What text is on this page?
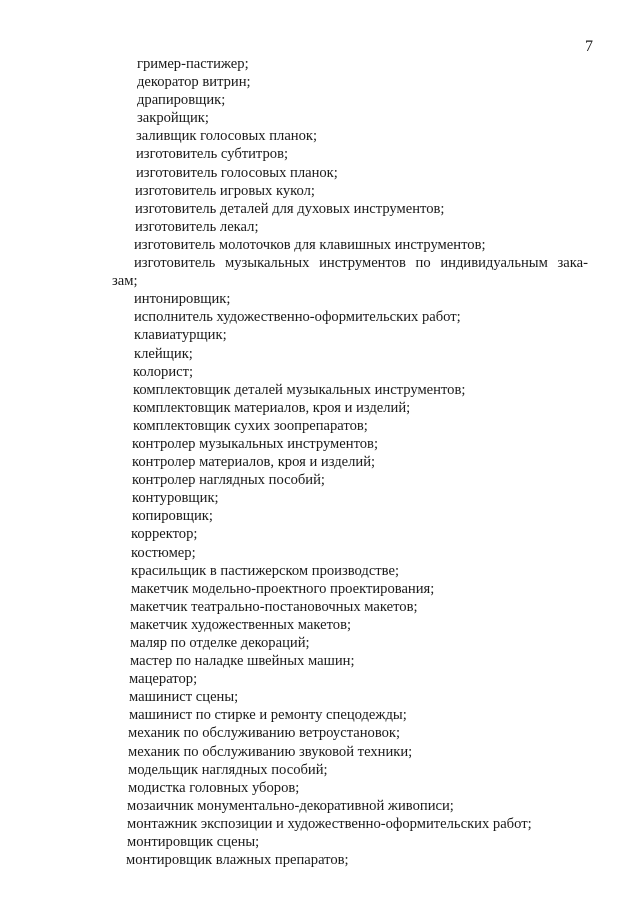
7
гример-пастижер;
декоратор витрин;
драпировщик;
закройщик;
заливщик голосовых планок;
изготовитель субтитров;
изготовитель голосовых планок;
изготовитель игровых кукол;
изготовитель деталей для духовых инструментов;
изготовитель лекал;
изготовитель молоточков для клавишных инструментов;
изготовитель музыкальных инструментов по индивидуальным зака-
зам;
интонировщик;
исполнитель художественно-оформительских работ;
клавиатурщик;
клейщик;
колорист;
комплектовщик деталей музыкальных инструментов;
комплектовщик материалов, кроя и изделий;
комплектовщик сухих зоопрепаратов;
контролер музыкальных инструментов;
контролер материалов, кроя и изделий;
контролер наглядных пособий;
контуровщик;
копировщик;
корректор;
костюмер;
красильщик в пастижерском производстве;
макетчик модельно-проектного проектирования;
макетчик театрально-постановочных макетов;
макетчик художественных макетов;
маляр по отделке декораций;
мастер по наладке швейных машин;
мацератор;
машинист сцены;
машинист по стирке и ремонту спецодежды;
механик по обслуживанию ветроустановок;
механик по обслуживанию звуковой техники;
модельщик наглядных пособий;
модистка головных уборов;
мозаичник монументально-декоративной живописи;
монтажник экспозиции и художественно-оформительских работ;
монтировщик сцены;
монтировщик влажных препаратов;
